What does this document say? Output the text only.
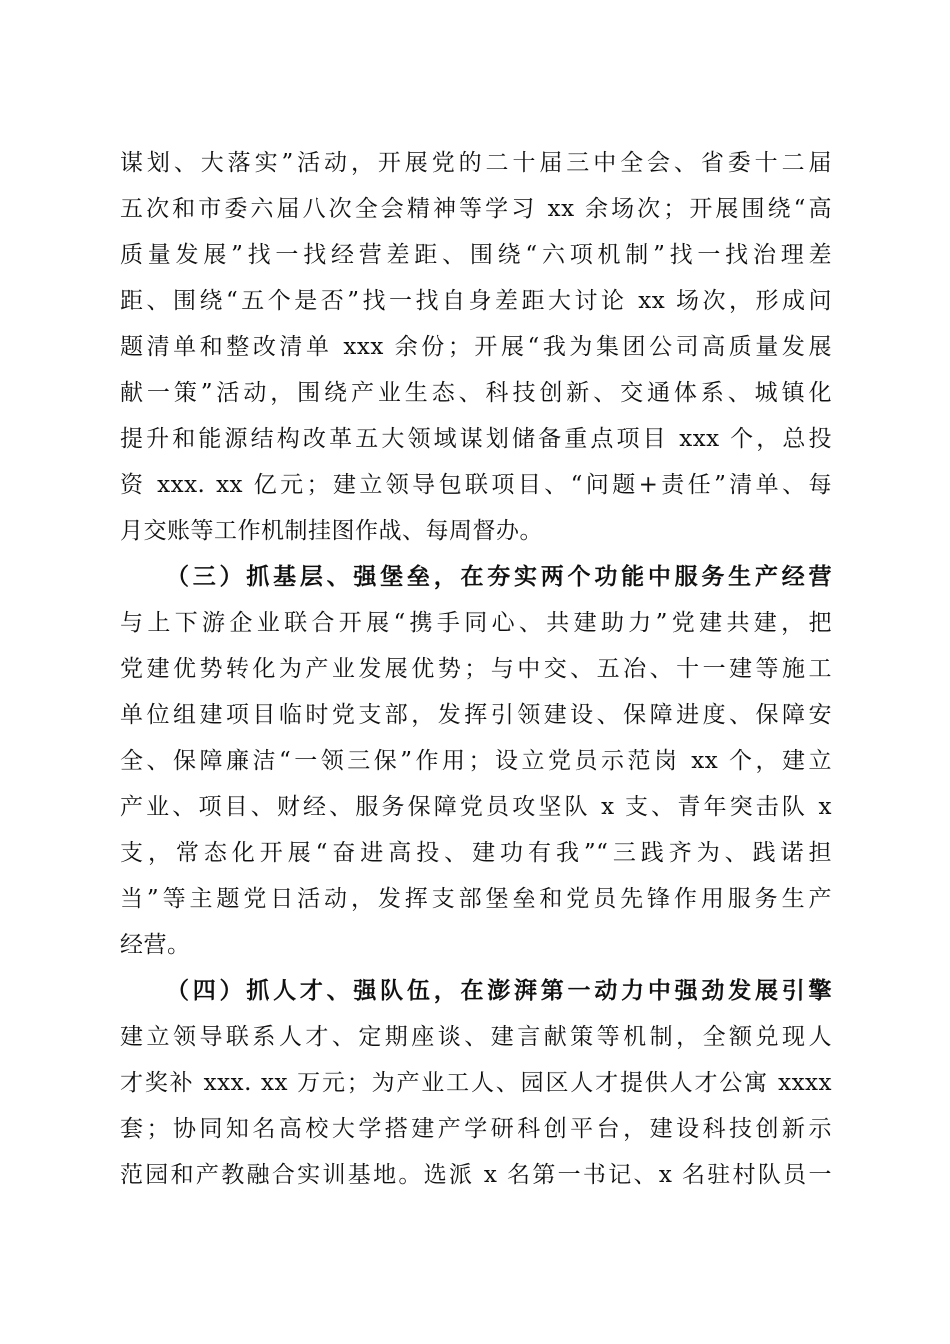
谋划、大落实”活动，开展党的二十届三中全会、省委十二届
五次和市委六届八次全会精神等学习 xx 余场次；开展围绕“高
质量发展”找一找经营差距、围绕“六项机制”找一找治理差
距、围绕“五个是否”找一找自身差距大讨论 xx 场次，形成问
题清单和整改清单 xxx 余份；开展“我为集团公司高质量发展
献一策”活动，围绕产业生态、科技创新、交通体系、城镇化
提升和能源结构改革五大领域谋划储备重点项目 xxx 个，总投
资 xxx. xx 亿元；建立领导包联项目、“问题+责任”清单、每
月交账等工作机制挂图作战、每周督办。
（三）抓基层、强堡垒，在夯实两个功能中服务生产经营
与上下游企业联合开展“携手同心、共建助力”党建共建，把
党建优势转化为产业发展优势；与中交、五冶、十一建等施工
单位组建项目临时党支部，发挥引领建设、保障进度、保障安
全、保障廉洁“一领三保”作用；设立党员示范岗 xx 个，建立
产业、项目、财经、服务保障党员攻坚队 x 支、青年突击队 x
支，常态化开展“奋进高投、建功有我”“三践齐为、践诺担
当”等主题党日活动，发挥支部堡垒和党员先锋作用服务生产
经营。
（四）抓人才、强队伍，在澎湃第一动力中强劲发展引擎
建立领导联系人才、定期座谈、建言献策等机制，全额兑现人
才奖补 xxx. xx 万元；为产业工人、园区人才提供人才公寓 xxxx
套；协同知名高校大学搭建产学研科创平台，建设科技创新示
范园和产教融合实训基地。选派 x 名第一书记、x 名驻村队员一
